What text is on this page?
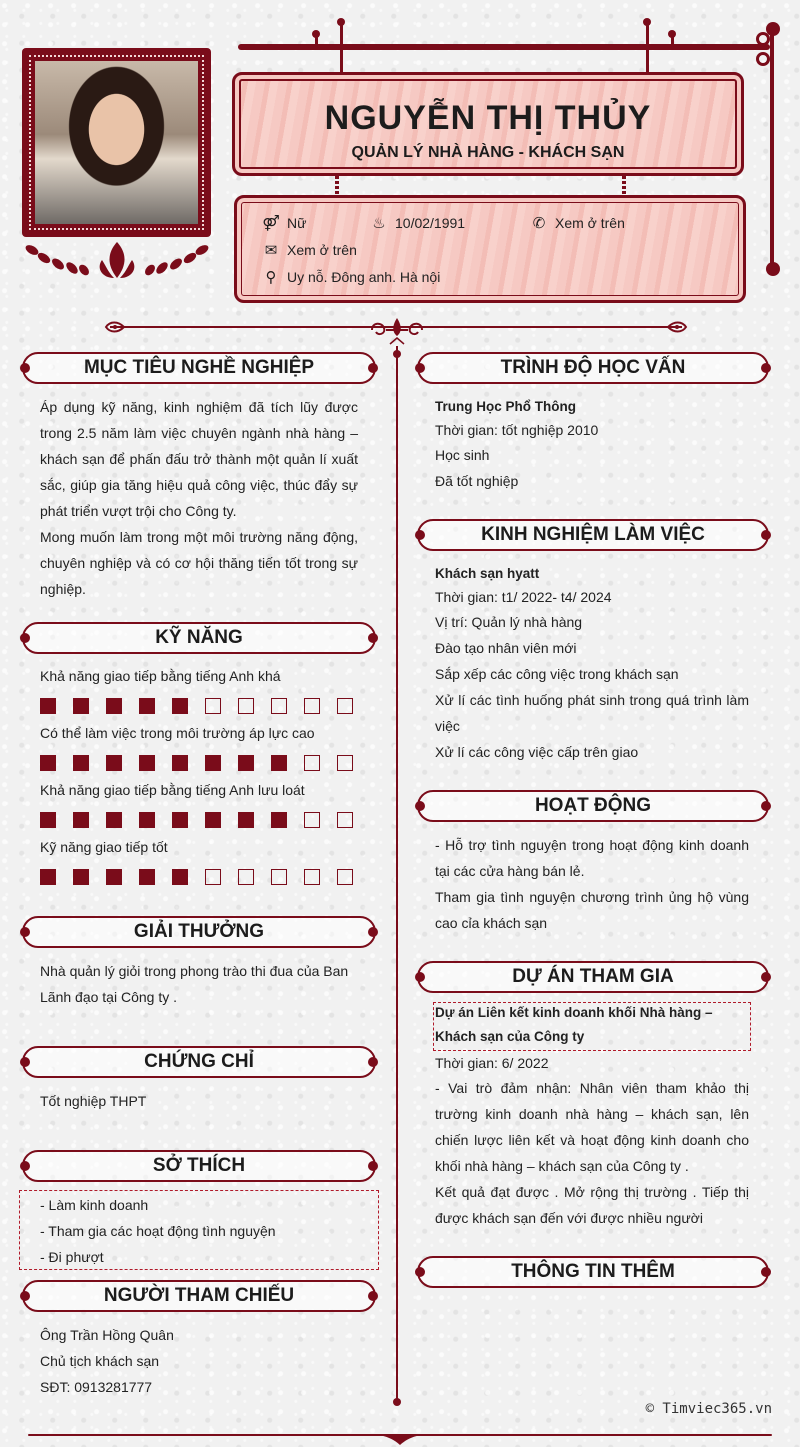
NGUYỄN THỊ THỦY
QUẢN LÝ NHÀ HÀNG - KHÁCH SẠN
⚤ Nữ	♨ 10/02/1991	✆ Xem ở trên
✉ Xem ở trên
⚲ Uy nỗ. Đông anh. Hà nội
MỤC TIÊU NGHỀ NGHIỆP
Áp dụng kỹ năng, kinh nghiệm đã tích lũy được trong 2.5 năm làm việc chuyên ngành nhà hàng – khách sạn để phấn đấu trở thành một quản lí xuất sắc, giúp gia tăng hiệu quả công việc, thúc đẩy sự phát triển vượt trội cho Công ty.
Mong muốn làm trong một môi trường năng động, chuyên nghiệp và có cơ hội thăng tiến tốt trong sự nghiệp.
KỸ NĂNG
Khả năng giao tiếp bằng tiếng Anh khá
Có thể làm việc trong môi trường áp lực cao
Khả năng giao tiếp bằng tiếng Anh lưu loát
Kỹ năng giao tiếp tốt
GIẢI THƯỞNG
Nhà quản lý giỏi trong phong trào thi đua của Ban Lãnh đạo tại Công ty .
CHỨNG CHỈ
Tốt nghiệp THPT
SỞ THÍCH
- Làm kinh doanh
- Tham gia các hoạt động tình nguyện
- Đi phượt
NGƯỜI THAM CHIẾU
Ông Trần Hồng Quân
Chủ tịch khách sạn
SĐT: 0913281777
TRÌNH ĐỘ HỌC VẤN
Trung Học Phổ Thông
Thời gian: tốt nghiệp 2010
Học sinh
Đã tốt nghiệp
KINH NGHIỆM LÀM VIỆC
Khách sạn hyatt
Thời gian: t1/ 2022- t4/ 2024
Vị trí: Quản lý nhà hàng
Đào tạo nhân viên mới
Sắp xếp các công việc trong khách sạn
Xử lí các tình huống phát sinh trong quá trình làm việc
Xử lí các công việc cấp trên giao
HOẠT ĐỘNG
- Hỗ trợ tình nguyện trong hoạt động kinh doanh tại các cửa hàng bán lẻ.
Tham gia tình nguyện chương trình ủng hộ vùng cao cỉa khách sạn
DỰ ÁN THAM GIA
Dự án Liên kết kinh doanh khối Nhà hàng – Khách sạn của Công ty
Thời gian: 6/ 2022
- Vai trò đảm nhận: Nhân viên tham khảo thị trường kinh doanh nhà hàng – khách sạn, lên chiến lược liên kết và hoạt động kinh doanh cho khối nhà hàng – khách sạn của Công ty .
Kết quả đạt được . Mở rộng thị trường . Tiếp thị được khách sạn đến với được nhiều người
THÔNG TIN THÊM
© Timviec365.vn
